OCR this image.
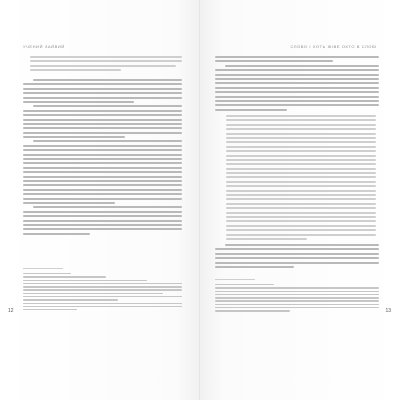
УЧЕНИЙ ЗАЙВИЙ
12
СЛОВО І ХОТЬ ЖІВЕ ОКТО В СЛОВІ
13
